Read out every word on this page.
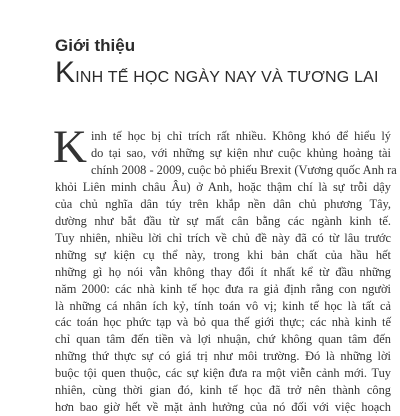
Giới thiệu
KINH TẾ HỌC NGÀY NAY VÀ TƯƠNG LAI
K inh tế học bị chỉ trích rất nhiều. Không khó để hiểu lý
do tại sao, với những sự kiện như cuộc khủng hoảng tài
chính 2008 - 2009, cuộc bỏ phiếu Brexit (Vương quốc Anh ra
khỏi Liên minh châu Âu) ở Anh, hoặc thậm chí là sự trỗi dậy
của chủ nghĩa dân túy trên khắp nền dân chủ phương Tây,
dường như bắt đầu từ sự mất cân bằng các ngành kinh tế.
Tuy nhiên, nhiều lời chỉ trích về chủ đề này đã có từ lâu trước
những sự kiện cụ thể này, trong khi bản chất của hầu hết
những gì họ nói vẫn không thay đổi ít nhất kể từ đầu những
năm 2000: các nhà kinh tế học đưa ra giả định rằng con người
là những cá nhân ích kỷ, tính toán vô vị; kinh tế học là tất cả
các toán học phức tạp và bỏ qua thế giới thực; các nhà kinh tế
chỉ quan tâm đến tiền và lợi nhuận, chứ không quan tâm đến
những thứ thực sự có giá trị như môi trường. Đó là những lời
buộc tội quen thuộc, các sự kiện đưa ra một viễn cảnh mới. Tuy
nhiên, cùng thời gian đó, kinh tế học đã trở nên thành công
hơn bao giờ hết về mặt ảnh hưởng của nó đối với việc hoạch
